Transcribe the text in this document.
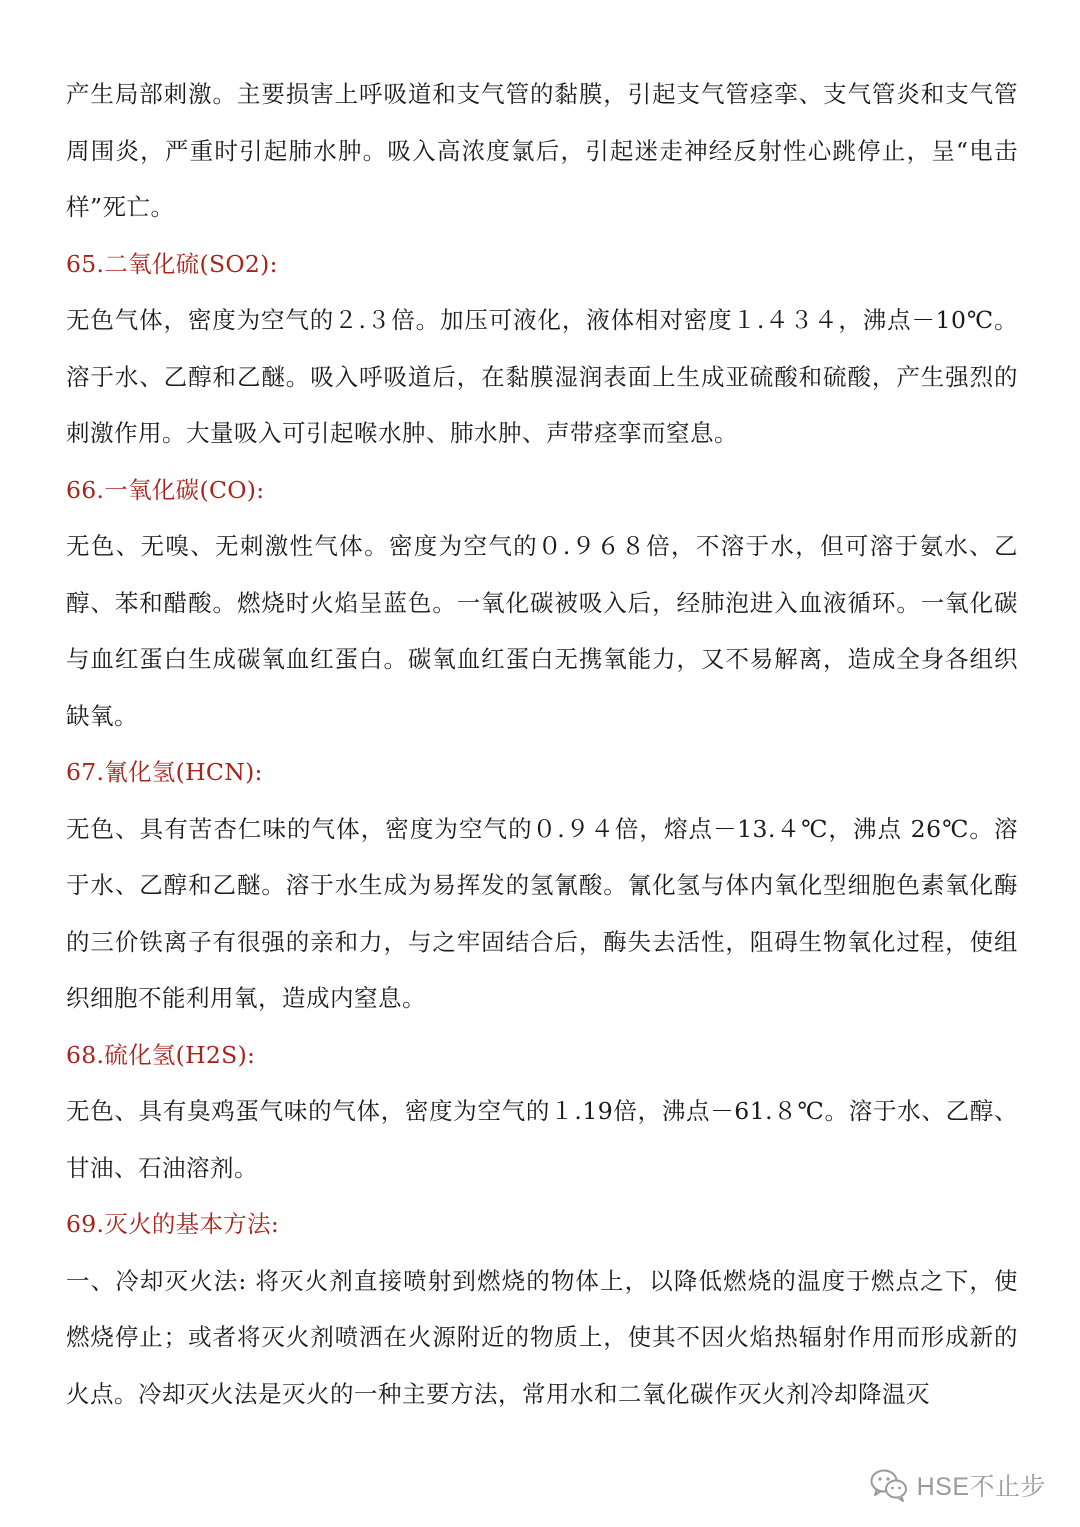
产生局部刺激。主要损害上呼吸道和支气管的黏膜，引起支气管痉挛、支气管炎和支气管周围炎，严重时引起肺水肿。吸入高浓度氯后，引起迷走神经反射性心跳停止，呈“电击样”死亡。

65.二氧化硫(SO2):

无色气体，密度为空气的２.３倍。加压可液化，液体相对密度１.４３４，沸点－10℃。溶于水、乙醇和乙醚。吸入呼吸道后，在黏膜湿润表面上生成亚硫酸和硫酸，产生强烈的刺激作用。大量吸入可引起喉水肿、肺水肿、声带痉挛而窒息。

66.一氧化碳(CO):

无色、无嗅、无刺激性气体。密度为空气的０.９６８倍，不溶于水，但可溶于氨水、乙醇、苯和醋酸。燃烧时火焰呈蓝色。一氧化碳被吸入后，经肺泡进入血液循环。一氧化碳与血红蛋白生成碳氧血红蛋白。碳氧血红蛋白无携氧能力，又不易解离，造成全身各组织缺氧。

67.氰化氢(HCN):

无色、具有苦杏仁味的气体，密度为空气的０.９４倍，熔点－13.４℃，沸点 26℃。溶于水、乙醇和乙醚。溶于水生成为易挥发的氢氰酸。氰化氢与体内氧化型细胞色素氧化酶的三价铁离子有很强的亲和力，与之牢固结合后，酶失去活性，阻碍生物氧化过程，使组织细胞不能利用氧，造成内窒息。

68.硫化氢(H2S):

无色、具有臭鸡蛋气味的气体，密度为空气的１.19倍，沸点－61.８℃。溶于水、乙醇、甘油、石油溶剂。

69.灭火的基本方法:

一、冷却灭火法: 将灭火剂直接喷射到燃烧的物体上，以降低燃烧的温度于燃点之下，使燃烧停止；或者将灭火剂喷洒在火源附近的物质上，使其不因火焰热辐射作用而形成新的火点。冷却灭火法是灭火的一种主要方法，常用水和二氧化碳作灭火剂冷却降温灭

HSE不止步
